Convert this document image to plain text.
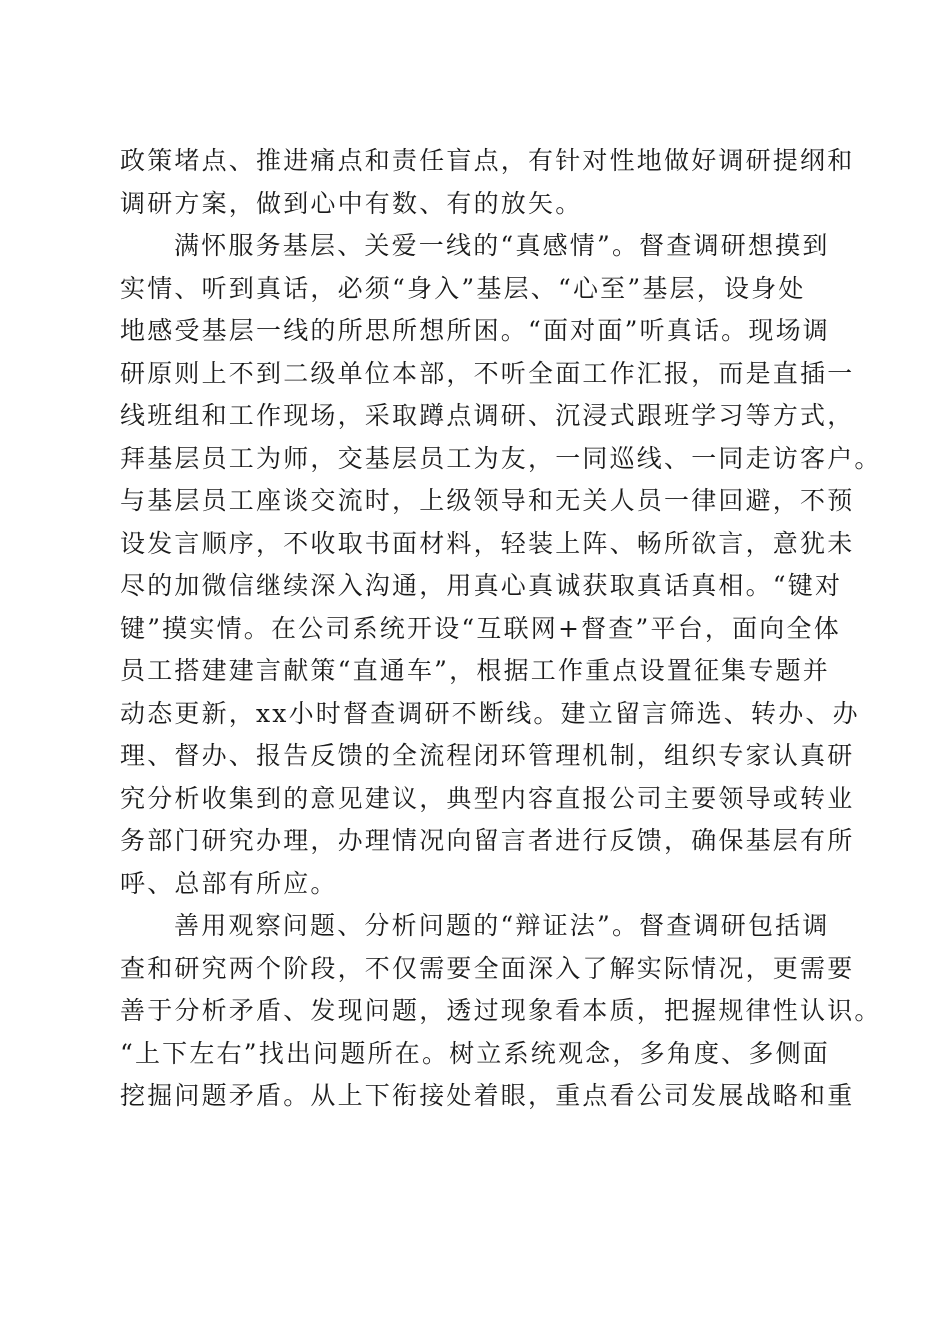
政策堵点、推进痛点和责任盲点，有针对性地做好调研提纲和
调研方案，做到心中有数、有的放矢。
满怀服务基层、关爱一线的“真感情”。督查调研想摸到
实情、听到真话，必须“身入”基层、“心至”基层，设身处
地感受基层一线的所思所想所困。“面对面”听真话。现场调
研原则上不到二级单位本部，不听全面工作汇报，而是直插一
线班组和工作现场，采取蹲点调研、沉浸式跟班学习等方式，
拜基层员工为师，交基层员工为友，一同巡线、一同走访客户。
与基层员工座谈交流时，上级领导和无关人员一律回避，不预
设发言顺序，不收取书面材料，轻装上阵、畅所欲言，意犹未
尽的加微信继续深入沟通，用真心真诚获取真话真相。“键对
键”摸实情。在公司系统开设“互联网+督查”平台，面向全体
员工搭建建言献策“直通车”，根据工作重点设置征集专题并
动态更新，xx小时督查调研不断线。建立留言筛选、转办、办
理、督办、报告反馈的全流程闭环管理机制，组织专家认真研
究分析收集到的意见建议，典型内容直报公司主要领导或转业
务部门研究办理，办理情况向留言者进行反馈，确保基层有所
呼、总部有所应。
善用观察问题、分析问题的“辩证法”。督查调研包括调
查和研究两个阶段，不仅需要全面深入了解实际情况，更需要
善于分析矛盾、发现问题，透过现象看本质，把握规律性认识。
“上下左右”找出问题所在。树立系统观念，多角度、多侧面
挖掘问题矛盾。从上下衔接处着眼，重点看公司发展战略和重
